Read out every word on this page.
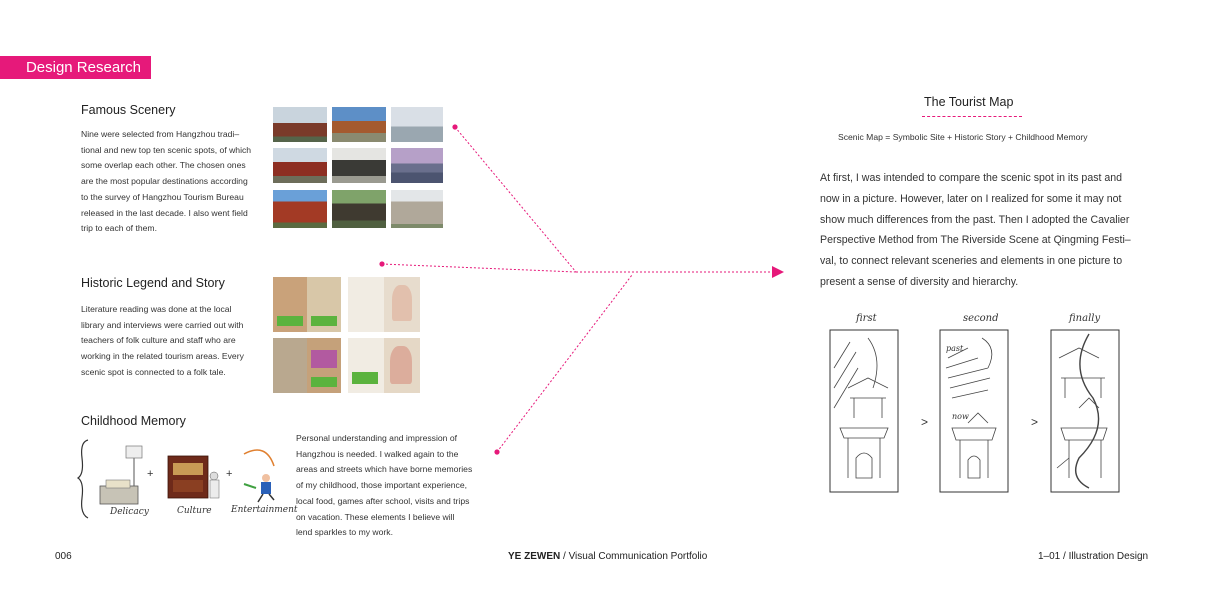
Design Research
Famous Scenery
Nine were selected from Hangzhou tradi–
tional and new top ten scenic spots, of which
some overlap each other. The chosen ones
are the most popular destinations according
to the survey of Hangzhou Tourism Bureau
released in the last decade. I also went field
trip to each of them.
Historic Legend and Story
Literature reading was done at the local
library and interviews were carried out with
teachers of folk culture and staff who are
working in the related tourism areas. Every
scenic spot is connected to a folk tale.
Childhood Memory
+	+
Delicacy	Culture Entertainment
Personal understanding and impression of
Hangzhou is needed. I walked again to the
areas and streets which have borne memories
of my childhood, those important experience,
local food, games after school, visits and trips
on vacation. These elements I believe will
lend sparkles to my work.
The Tourist Map
Scenic Map = Symbolic Site + Historic Story + Childhood Memory
At first, I was intended to compare the scenic spot in its past and
now in a picture. However, later on I realized for some it may not
show much differences from the past. Then I adopted the Cavalier
Perspective Method from The Riverside Scene at Qingming Festi–
val, to connect relevant sceneries and elements in one picture to
present a sense of diversity and hierarchy.
first	second	finally
past
now
>	>
006	YE ZEWEN / Visual Communication Portfolio	1–01 / Illustration Design
